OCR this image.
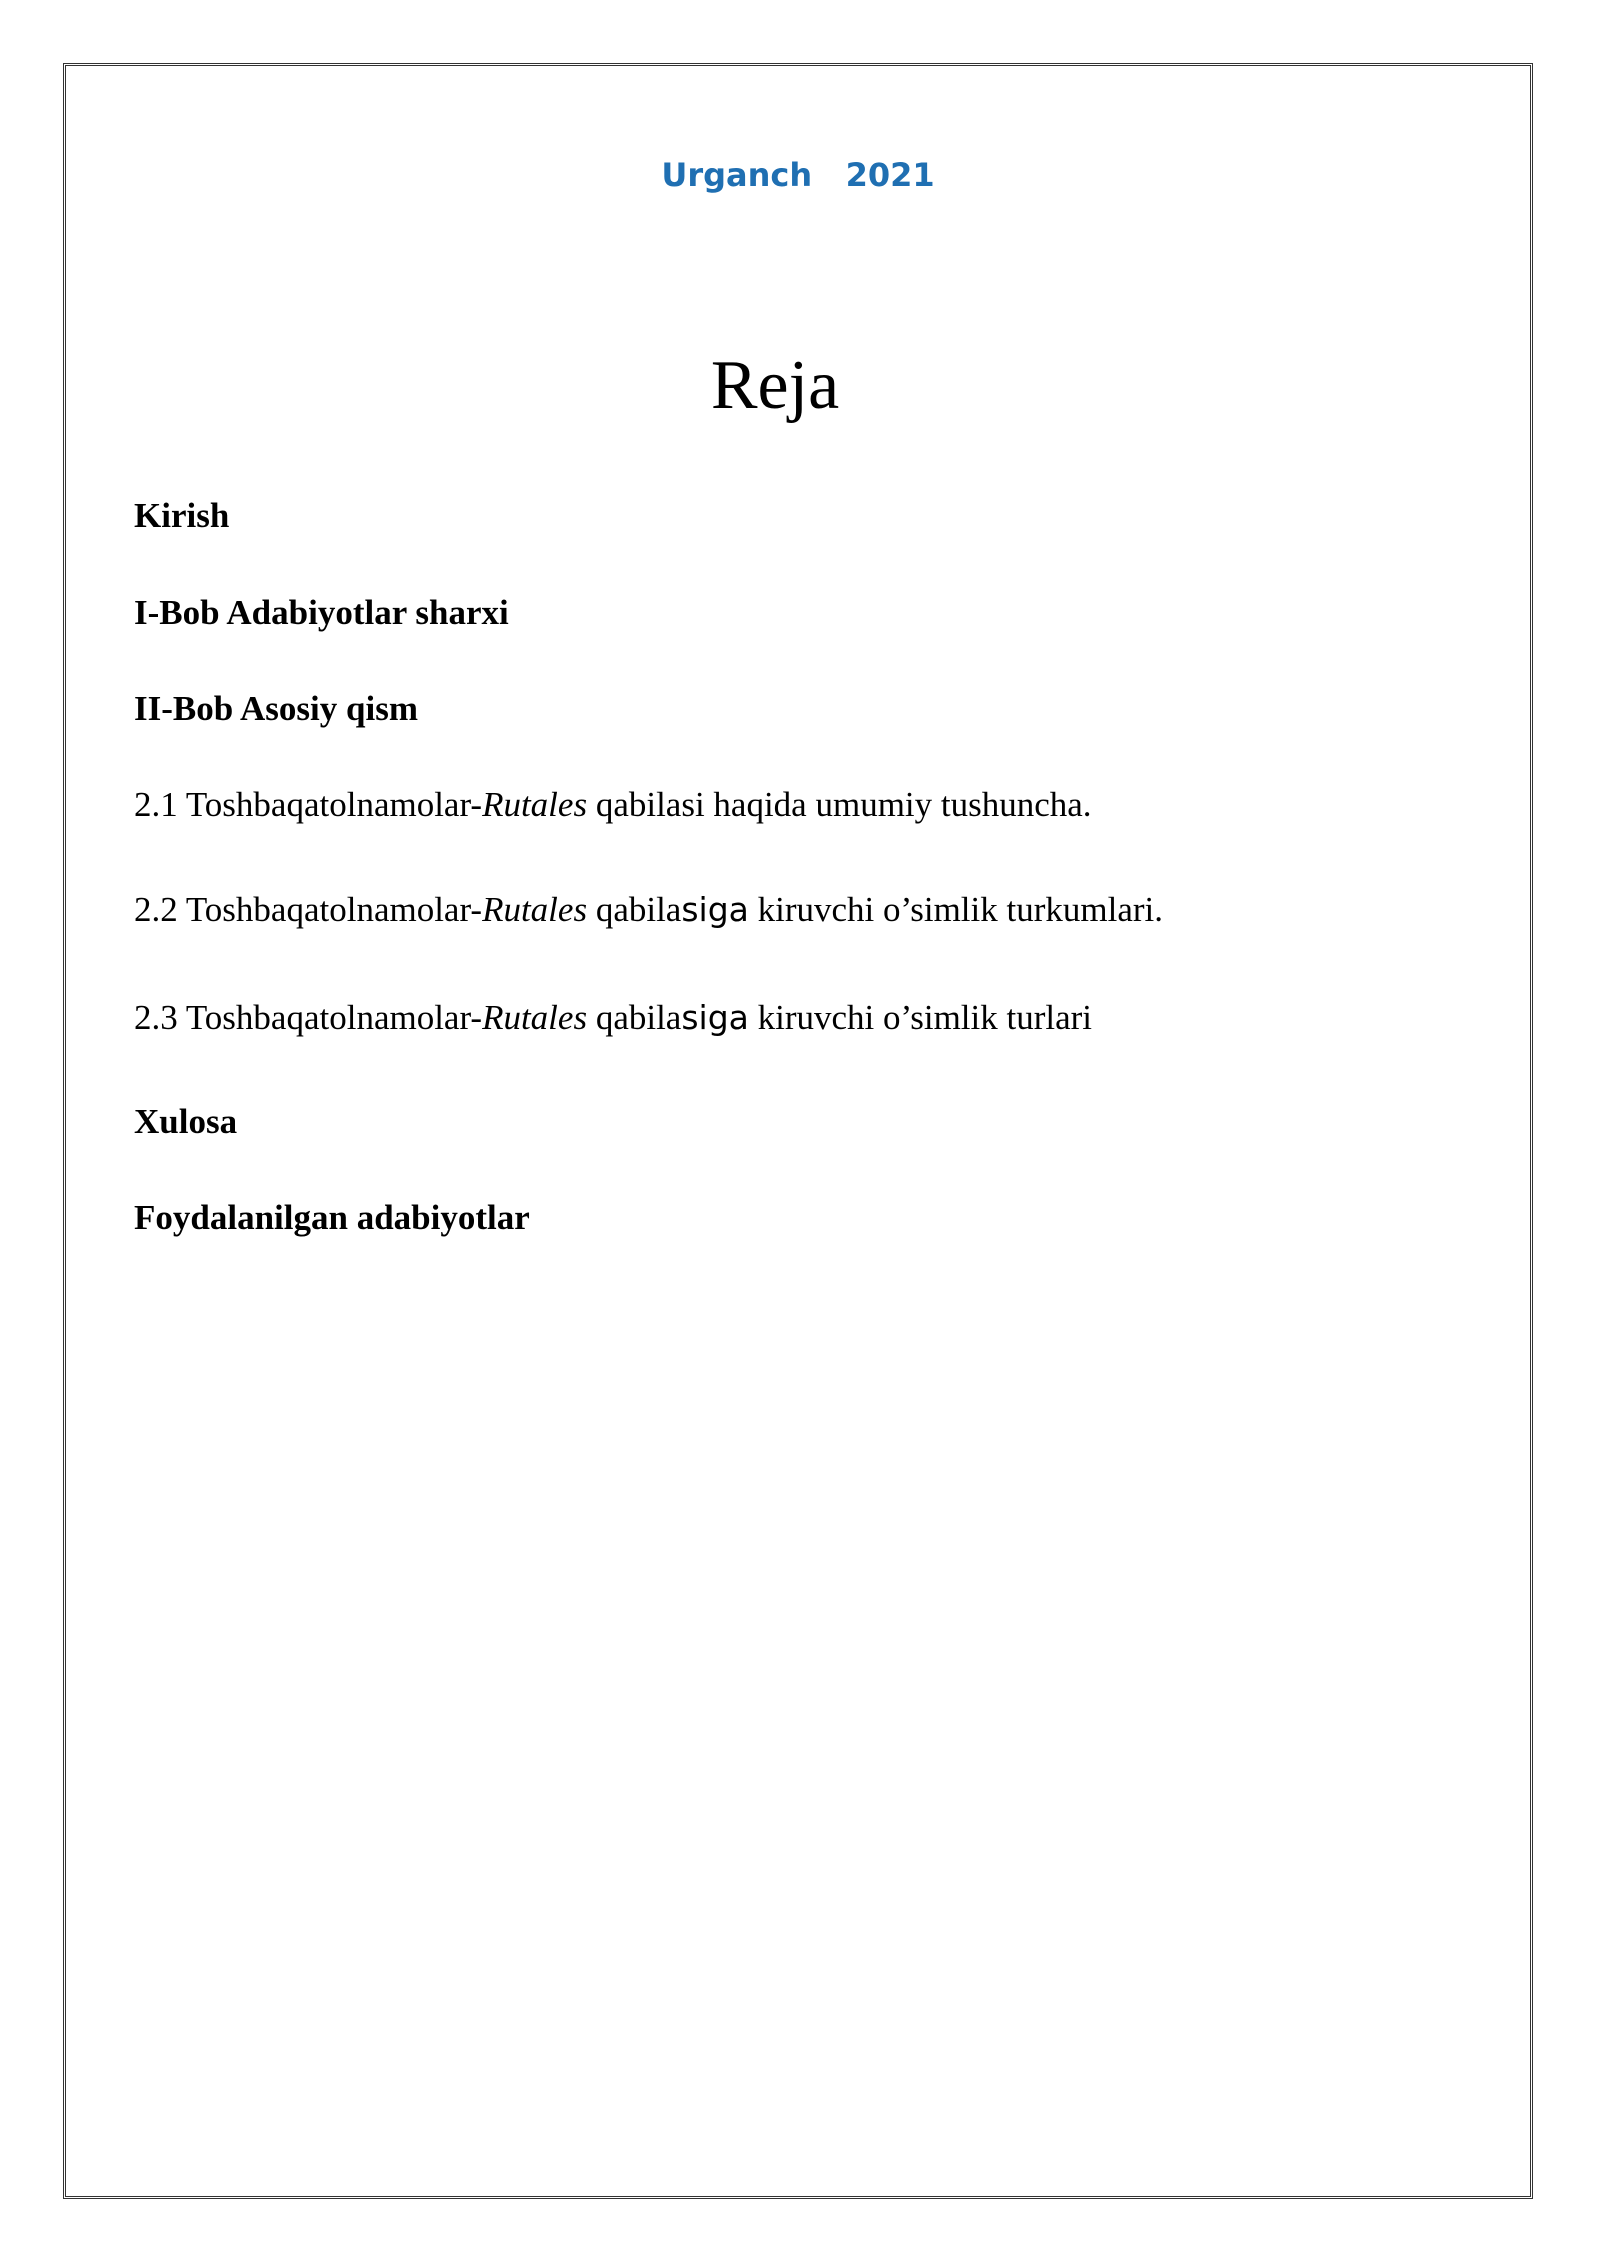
Urganch 2021
Reja
Kirish
I-Bob Adabiyotlar sharxi
II-Bob Asosiy qism
2.1 Toshbaqatolnamolar-Rutales qabilasi haqida umumiy tushuncha.
2.2 Toshbaqatolnamolar-Rutales qabilasiga kiruvchi o’simlik turkumlari.
2.3 Toshbaqatolnamolar-Rutales qabilasiga kiruvchi o’simlik turlari
Xulosa
Foydalanilgan adabiyotlar
